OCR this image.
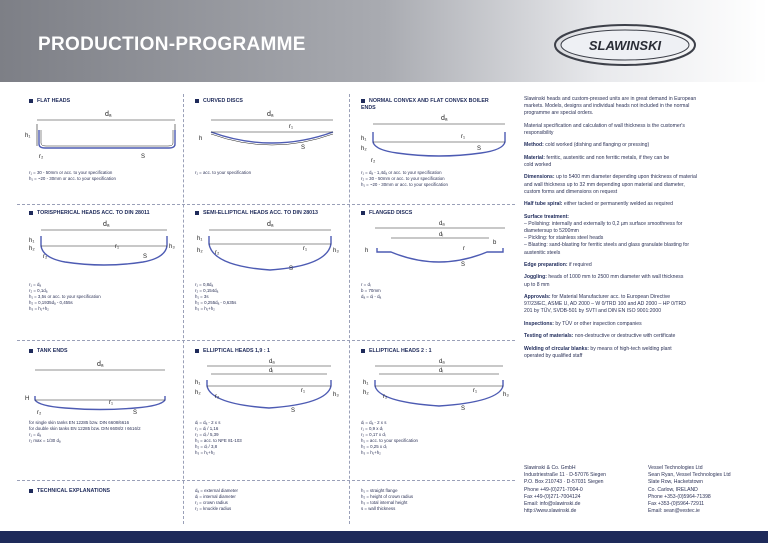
PRODUCTION-PROGRAMME	SLAWINSKI
FLAT HEADS
dₐ
h₁
r₂	S
r₁ = 30 - 50mm or acc. to your specification
h₁ = ~20 - 30mm or acc. to your specification
CURVED DISCS
dₐ
h
r₁
S
r₁ = acc. to your specification
NORMAL CONVEX AND FLAT CONVEX BOILER ENDS
dₐ
h₁
h₂
r₁
r₂
S
r₁ = dₐ - 1,4dₐ or acc. to your specification
r₂ = 30 - 50mm or acc. to your specification
h₁ = ~20 - 30mm or acc. to your specification
TORISPHERICAL HEADS ACC. TO DIN 28011
dₐ
h₁
h₂	h₃
r₁
r₂	S
r₁ = dₐ
r₂ = 0,1dₐ
h₁ = 3,5s or acc. to your specification
h₂ = 0,1935dₐ - 0,455s
h₃ = h₁+h₂
SEMI-ELLIPTICAL HEADS ACC. TO DIN 28013
dₐ
h₁
h₂	h₃
r₁
r₂
S
r₁ = 0,8dₐ
r₂ = 0,154dₐ
h₁ = 3s
h₂ = 0,255dₐ - 0,635s
h₃ = h₁+h₂
FLANGED DISCS
dₐ
dᵢ
h
b
r
S
r = dᵢ
b = 70mm
dₐ = dᵢ - dₐ
TANK ENDS
dₐ
H
r₁
r₂	S
for single skin tanks EN 12285 bzw. DIN 6608/6616
for double skin tanks EN 12285 bzw. DIN 6608/2 I 6616/2
r₁ = dₐ
r₂ max = 1/30 dₐ
ELLIPTICAL HEADS 1,9 : 1
dₐ
dᵢ
h₁
h₂	h₃
r₁
r₂
S
dᵢ = dₐ - 2 x s
r₁ = dᵢ / 1,16
r₂ = dᵢ / 5,39
h₁ = acc. to NFE 81-103
h₂ = dᵢ / 3,8
h₃ = h₁+h₂
ELLIPTICAL HEADS 2 : 1
dₐ
dᵢ
h₁
h₂	h₃
r₁
r₂
S
dᵢ = dₐ - 2 x s
r₁ = 0,9 x dᵢ
r₂ = 0,17 x dᵢ
h₁ = acc. to your specification
h₂ = 0,25 x dᵢ
h₃ = h₁+h₂
TECHNICAL EXPLANATIONS	dₐ = external diameter
dᵢ = internal diameter
r₁ = crown radius
r₂ = knuckle radius
h₁ = straight flange
h₂ = height of crown radius
h₃ = total internal height
s = wall thickness

Slawinski heads and custom-pressed units are in great demand in European
markets. Models, designs and individual heads not included in the normal
programme are special orders.

Material specification and calculation of wall thickness is the customer's
responsibility

Method: cold worked (dishing and flanging or pressing)

Material: ferritic, austenitic and non ferritic metals, if they can be
cold worked

Dimensions: up to 5400 mm diameter depending upon thickness of material
and wall thickness up to 32 mm depending upon material and diameter,
custom forms and dimensions on request

Half tube spiral: either tacked or permanently welded as required

Surface treatment:
– Polishing: internally and externally to 0,2 µm surface smoothness for
diametersup to 5200mm
– Pickling: for stainless steel heads
– Blasting: sand-blasting for ferritic steels and glass granulate blasting for
austenitic steels

Edge preparation: if required

Joggling: heads of 1000 mm to 2500 mm diameter with wall thickness
up to 8 mm

Approvals: for Material Manufacturer acc. to European Directive
97/23/EC, ASME U, AD 2000 – W 0/TRD 100 and AD 2000 – HP 0/TRD
201 by TÜV, SVDB-501 by SVTI and DIN EN ISO 9001:2000

Inspections: by TÜV or other inspection companies

Testing of materials: non-destructive or destructive with certificate

Welding of circular blanks: by means of high-tech welding plant
operated by qualified staff

Slawinski & Co. GmbH
Industriestraße 11 · D-57076 Siegen
P.O. Box 210743 · D-57031 Siegen
Phone +49-(0)271-7004-0
Fax +49-(0)271-7004124
Email: info@slawinski.de
http://www.slawinski.de
Vessel Technologies Ltd
Sean Ryan, Vessel Technologies Ltd
Slate Row, Hacketstown
Co. Carlow, IRELAND
Phone +353-(0)5964-71398
Fax +353-(0)5964-72911
Email: sean@vestec.ie
